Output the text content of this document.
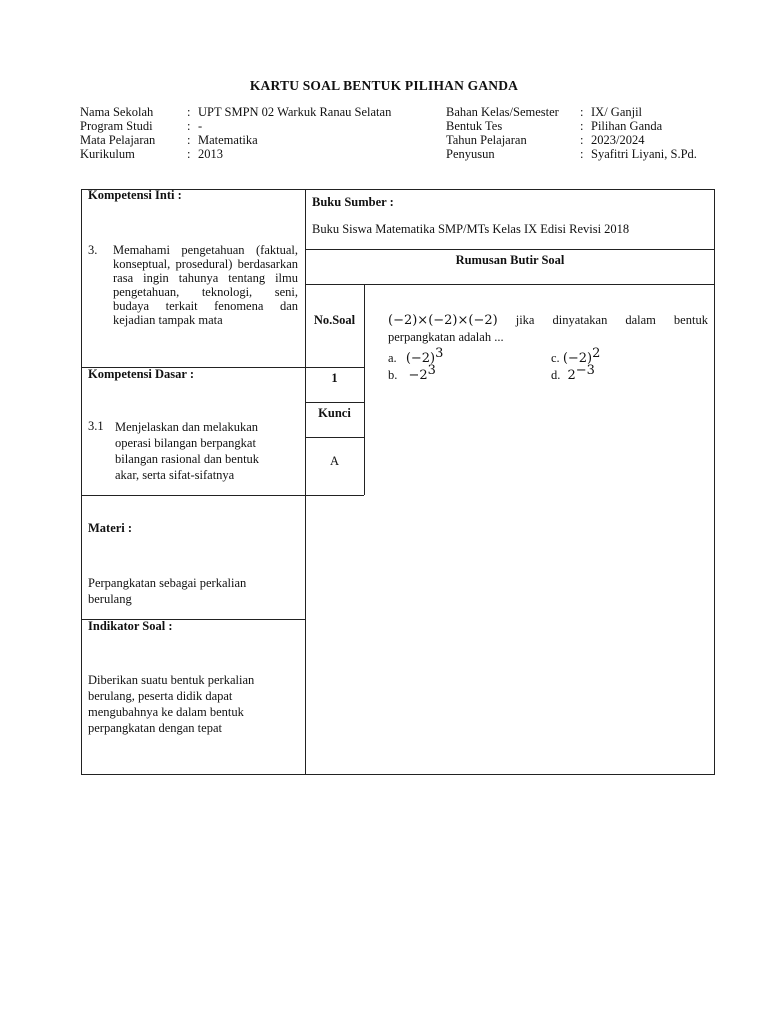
KARTU SOAL BENTUK PILIHAN GANDA
Nama Sekolah	: UPT SMPN 02 Warkuk Ranau Selatan
Program Studi	: -
Mata Pelajaran	: Matematika
Kurikulum	: 2013
Bahan Kelas/Semester : IX/ Ganjil
Bentuk Tes	: Pilihan Ganda
Tahun Pelajaran	: 2023/2024
Penyusun	: Syafitri Liyani, S.Pd.
Kompetensi Inti :
3. Memahami pengetahuan (faktual, konseptual, prosedural) berdasarkan rasa ingin tahunya tentang ilmu pengetahuan, teknologi, seni, budaya terkait fenomena dan kejadian tampak mata
Kompetensi Dasar :
3.1 Menjelaskan dan melakukan operasi bilangan berpangkat bilangan rasional dan bentuk akar, serta sifat-sifatnya
Materi :
Perpangkatan sebagai perkalian berulang
Indikator Soal :
Diberikan suatu bentuk perkalian berulang, peserta didik dapat mengubahnya ke dalam bentuk perpangkatan dengan tepat
Buku Sumber :
Buku Siswa Matematika SMP/MTs Kelas IX Edisi Revisi 2018
Rumusan Butir Soal
No.Soal
1
Kunci
A
(−2)×(−2)×(−2) jika dinyatakan dalam bentuk
perpangkatan adalah ...
a. $(-2)^3$
b. $-2^3$
c. $(-2)^2$
d. $2^{-3}$
